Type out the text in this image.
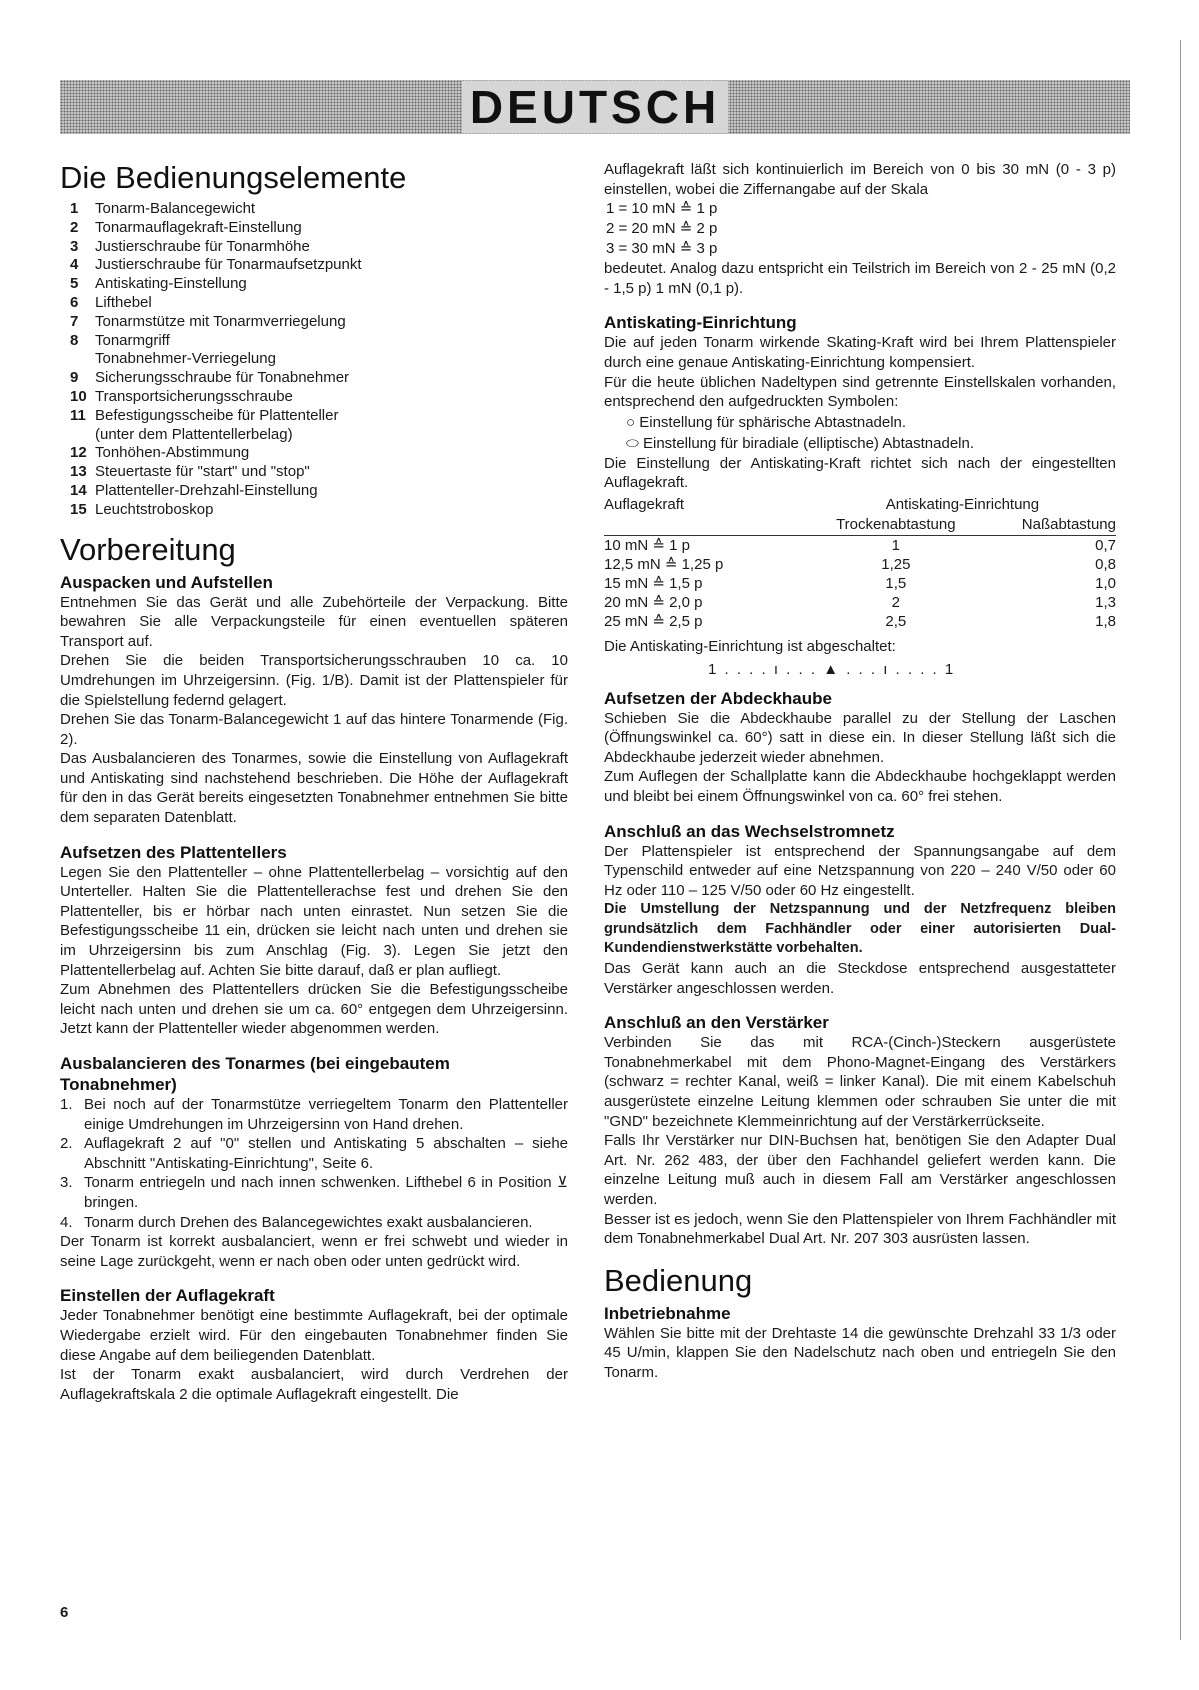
DEUTSCH
Die Bedienungselemente
1 Tonarm-Balancegewicht
2 Tonarmauflagekraft-Einstellung
3 Justierschraube für Tonarmhöhe
4 Justierschraube für Tonarmaufsetzpunkt
5 Antiskating-Einstellung
6 Lifthebel
7 Tonarmstütze mit Tonarmverriegelung
8 Tonarmgriff
Tonabnehmer-Verriegelung
9 Sicherungsschraube für Tonabnehmer
10 Transportsicherungsschraube
11 Befestigungsscheibe für Plattenteller
(unter dem Plattentellerbelag)
12 Tonhöhen-Abstimmung
13 Steuertaste für "start" und "stop"
14 Plattenteller-Drehzahl-Einstellung
15 Leuchtstroboskop
Vorbereitung
Auspacken und Aufstellen

Entnehmen Sie das Gerät und alle Zubehörteile der Verpackung. Bitte bewahren Sie alle Verpackungsteile für einen eventuellen späteren Transport auf.

Drehen Sie die beiden Transportsicherungsschrauben 10 ca. 10 Umdrehungen im Uhrzeigersinn. (Fig. 1/B). Damit ist der Plattenspieler für die Spielstellung federnd gelagert.

Drehen Sie das Tonarm-Balancegewicht 1 auf das hintere Tonarmende (Fig. 2).

Das Ausbalancieren des Tonarmes, sowie die Einstellung von Auflagekraft und Antiskating sind nachstehend beschrieben. Die Höhe der Auflagekraft für den in das Gerät bereits eingesetzten Tonabnehmer entnehmen Sie bitte dem separaten Datenblatt.

Aufsetzen des Plattentellers

Legen Sie den Plattenteller – ohne Plattentellerbelag – vorsichtig auf den Unterteller. Halten Sie die Plattentellerachse fest und drehen Sie den Plattenteller, bis er hörbar nach unten einrastet. Nun setzen Sie die Befestigungsscheibe 11 ein, drücken sie leicht nach unten und drehen sie im Uhrzeigersinn bis zum Anschlag (Fig. 3). Legen Sie jetzt den Plattentellerbelag auf. Achten Sie bitte darauf, daß er plan aufliegt.

Zum Abnehmen des Plattentellers drücken Sie die Befestigungsscheibe leicht nach unten und drehen sie um ca. 60° entgegen dem Uhrzeigersinn. Jetzt kann der Plattenteller wieder abgenommen werden.

Ausbalancieren des Tonarmes (bei eingebautem Tonabnehmer)
1. Bei noch auf der Tonarmstütze verriegeltem Tonarm den Plattenteller einige Umdrehungen im Uhrzeigersinn von Hand drehen.
2. Auflagekraft 2 auf "0" stellen und Antiskating 5 abschalten – siehe Abschnitt "Antiskating-Einrichtung", Seite 6.
3. Tonarm entriegeln und nach innen schwenken. Lifthebel 6 in Position ⊻ bringen.
4. Tonarm durch Drehen des Balancegewichtes exakt ausbalancieren.

Der Tonarm ist korrekt ausbalanciert, wenn er frei schwebt und wieder in seine Lage zurückgeht, wenn er nach oben oder unten gedrückt wird.

Einstellen der Auflagekraft

Jeder Tonabnehmer benötigt eine bestimmte Auflagekraft, bei der optimale Wiedergabe erzielt wird. Für den eingebauten Tonabnehmer finden Sie diese Angabe auf dem beiliegenden Datenblatt.

Ist der Tonarm exakt ausbalanciert, wird durch Verdrehen der Auflagekraftskala 2 die optimale Auflagekraft eingestellt. Die

Auflagekraft läßt sich kontinuierlich im Bereich von 0 bis 30 mN (0 - 3 p) einstellen, wobei die Ziffernangabe auf der Skala

1 = 10 mN ≙ 1 p
2 = 20 mN ≙ 2 p
3 = 30 mN ≙ 3 p

bedeutet. Analog dazu entspricht ein Teilstrich im Bereich von 2 - 25 mN (0,2 - 1,5 p) 1 mN (0,1 p).

Antiskating-Einrichtung

Die auf jeden Tonarm wirkende Skating-Kraft wird bei Ihrem Plattenspieler durch eine genaue Antiskating-Einrichtung kompensiert.

Für die heute üblichen Nadeltypen sind getrennte Einstellskalen vorhanden, entsprechend den aufgedruckten Symbolen:

○ Einstellung für sphärische Abtastnadeln.
⬭ Einstellung für biradiale (elliptische) Abtastnadeln.

Die Einstellung der Antiskating-Kraft richtet sich nach der eingestellten Auflagekraft.

Auflagekraft	Antiskating-Einrichtung	
	Trockenabtastung	Naßabtastung
10 mN ≙ 1 p	1	0,7
12,5 mN ≙ 1,25 p	1,25	0,8
15 mN ≙ 1,5 p	1,5	1,0
20 mN ≙ 2,0 p	2	1,3
25 mN ≙ 2,5 p	2,5	1,8

Die Antiskating-Einrichtung ist abgeschaltet:

1 . . . . ı . . . ▲ . . . ı . . . . 1
Aufsetzen der Abdeckhaube

Schieben Sie die Abdeckhaube parallel zu der Stellung der Laschen (Öffnungswinkel ca. 60°) satt in diese ein. In dieser Stellung läßt sich die Abdeckhaube jederzeit wieder abnehmen.

Zum Auflegen der Schallplatte kann die Abdeckhaube hochgeklappt werden und bleibt bei einem Öffnungswinkel von ca. 60° frei stehen.

Anschluß an das Wechselstromnetz

Der Plattenspieler ist entsprechend der Spannungsangabe auf dem Typenschild entweder auf eine Netzspannung von 220 – 240 V/50 oder 60 Hz oder 110 – 125 V/50 oder 60 Hz eingestellt.

Die Umstellung der Netzspannung und der Netzfrequenz bleiben grundsätzlich dem Fachhändler oder einer autorisierten Dual-Kundendienstwerkstätte vorbehalten.

Das Gerät kann auch an die Steckdose entsprechend ausgestatteter Verstärker angeschlossen werden.

Anschluß an den Verstärker

Verbinden Sie das mit RCA-(Cinch-)Steckern ausgerüstete Tonabnehmerkabel mit dem Phono-Magnet-Eingang des Verstärkers (schwarz = rechter Kanal, weiß = linker Kanal). Die mit einem Kabelschuh ausgerüstete einzelne Leitung klemmen oder schrauben Sie unter die mit "GND" bezeichnete Klemmeinrichtung auf der Verstärkerrückseite.

Falls Ihr Verstärker nur DIN-Buchsen hat, benötigen Sie den Adapter Dual Art. Nr. 262 483, der über den Fachhandel geliefert werden kann. Die einzelne Leitung muß auch in diesem Fall am Verstärker angeschlossen werden.

Besser ist es jedoch, wenn Sie den Plattenspieler von Ihrem Fachhändler mit dem Tonabnehmerkabel Dual Art. Nr. 207 303 ausrüsten lassen.

Bedienung
Inbetriebnahme

Wählen Sie bitte mit der Drehtaste 14 die gewünschte Drehzahl 33 1/3 oder 45 U/min, klappen Sie den Nadelschutz nach oben und entriegeln Sie den Tonarm.

6
